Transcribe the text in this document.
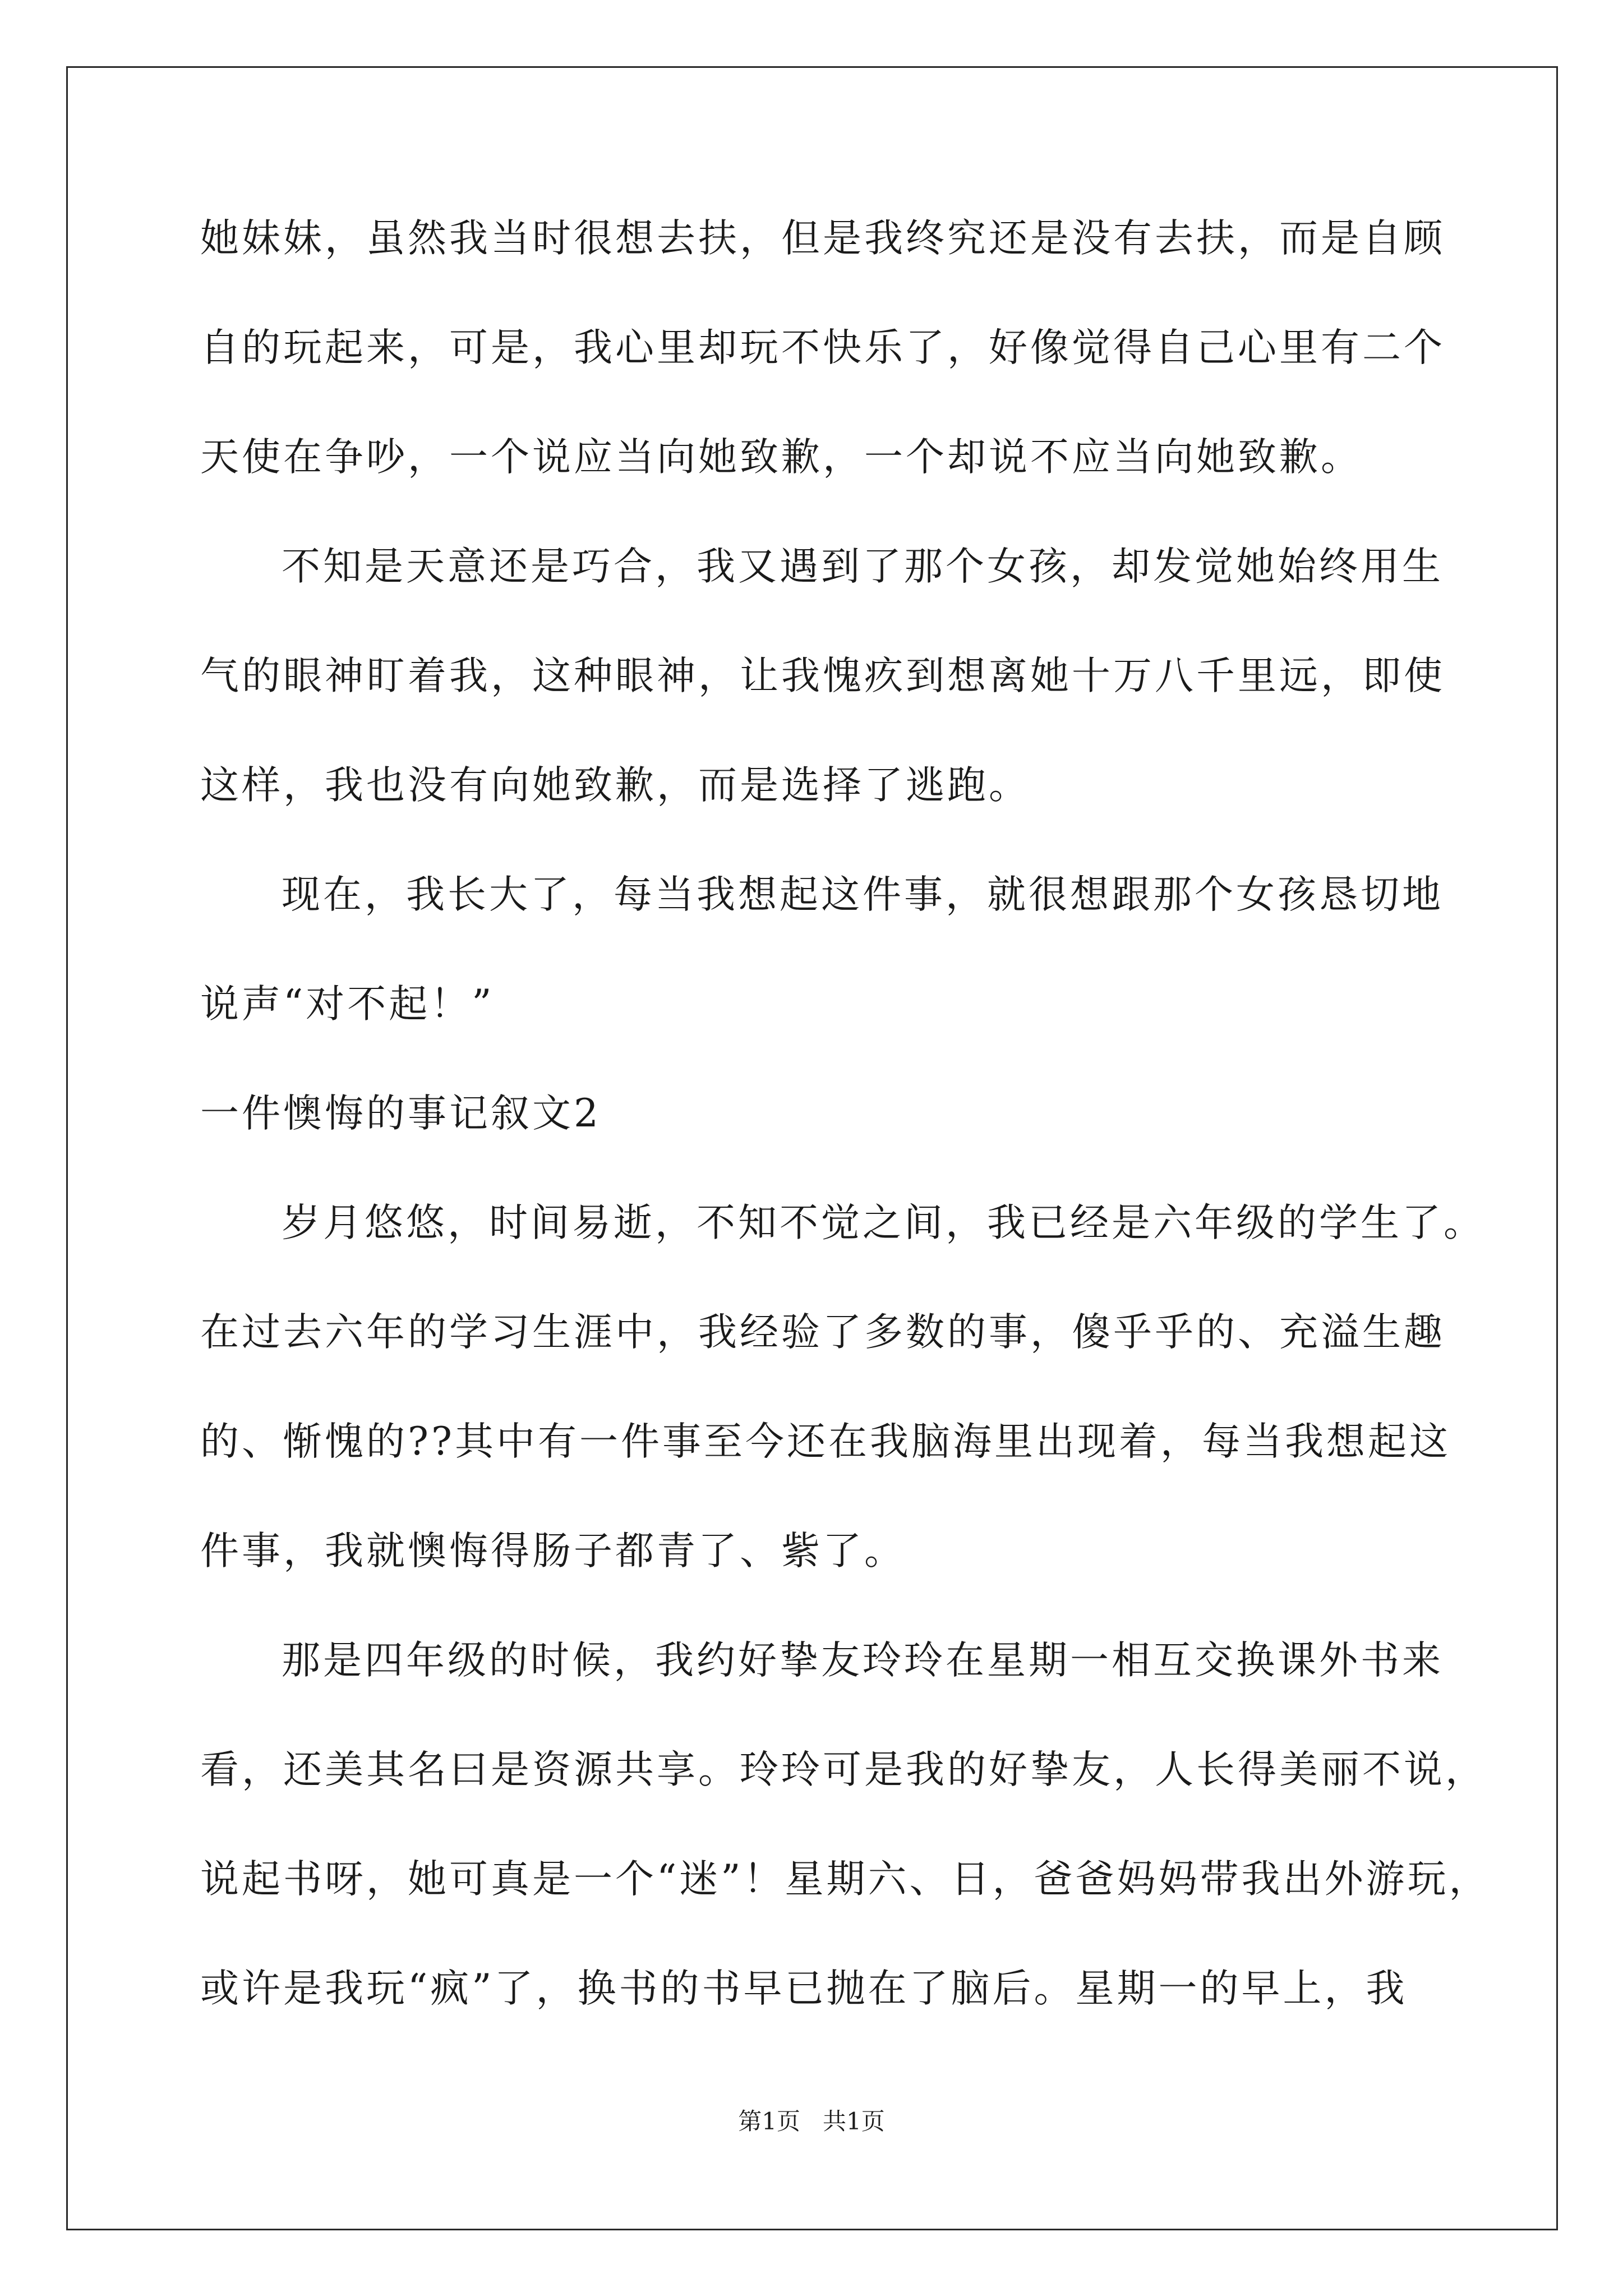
她妹妹，虽然我当时很想去扶，但是我终究还是没有去扶，而是自顾
自的玩起来，可是，我心里却玩不快乐了，好像觉得自己心里有二个
天使在争吵，一个说应当向她致歉，一个却说不应当向她致歉。
不知是天意还是巧合，我又遇到了那个女孩，却发觉她始终用生
气的眼神盯着我，这种眼神，让我愧疚到想离她十万八千里远，即使
这样，我也没有向她致歉，而是选择了逃跑。
现在，我长大了，每当我想起这件事，就很想跟那个女孩恳切地
说声“对不起！”
一件懊悔的事记叙文2
岁月悠悠，时间易逝，不知不觉之间，我已经是六年级的学生了。
在过去六年的学习生涯中，我经验了多数的事，傻乎乎的、充溢生趣
的、惭愧的??其中有一件事至今还在我脑海里出现着，每当我想起这
件事，我就懊悔得肠子都青了、紫了。
那是四年级的时候，我约好挚友玲玲在星期一相互交换课外书来
看，还美其名曰是资源共享。玲玲可是我的好挚友，人长得美丽不说，
说起书呀，她可真是一个“迷”！星期六、日，爸爸妈妈带我出外游玩，
或许是我玩“疯”了，换书的书早已抛在了脑后。星期一的早上，我
第1页   共1页
